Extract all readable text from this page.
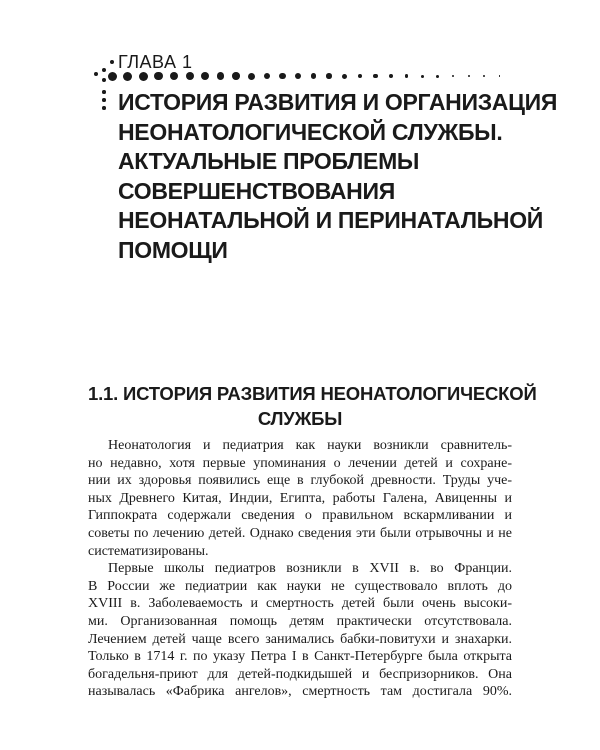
ГЛАВА 1
ИСТОРИЯ РАЗВИТИЯ И ОРГАНИЗАЦИЯ
НЕОНАТОЛОГИЧЕСКОЙ СЛУЖБЫ.
АКТУАЛЬНЫЕ ПРОБЛЕМЫ
СОВЕРШЕНСТВОВАНИЯ
НЕОНАТАЛЬНОЙ И ПЕРИНАТАЛЬНОЙ
ПОМОЩИ
1.1. ИСТОРИЯ РАЗВИТИЯ НЕОНАТОЛОГИЧЕСКОЙ
СЛУЖБЫ
Неонатология и педиатрия как науки возникли сравнитель-
но недавно, хотя первые упоминания о лечении детей и сохране-
нии их здоровья появились еще в глубокой древности. Труды уче-
ных Древнего Китая, Индии, Египта, работы Галена, Авиценны и
Гиппократа содержали сведения о правильном вскармливании и
советы по лечению детей. Однако сведения эти были отрывочны и не
систематизированы.
Первые школы педиатров возникли в XVII в. во Франции.
В России же педиатрии как науки не существовало вплоть до
XVIII в. Заболеваемость и смертность детей были очень высоки-
ми. Организованная помощь детям практически отсутствовала.
Лечением детей чаще всего занимались бабки-повитухи и знахарки.
Только в 1714 г. по указу Петра I в Санкт-Петербурге была открыта
богадельня-приют для детей-подкидышей и беспризорников. Она
называлась «Фабрика ангелов», смертность там достигала 90%.
